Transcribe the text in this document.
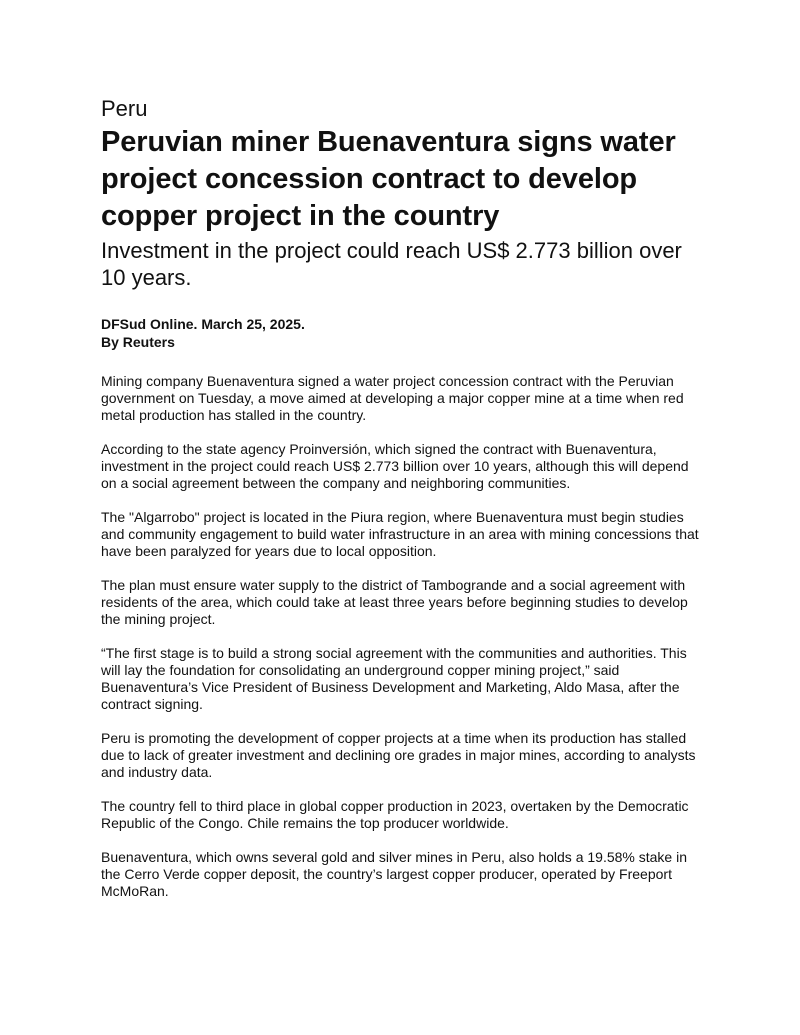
Peru
Peruvian miner Buenaventura signs water project concession contract to develop copper project in the country
Investment in the project could reach US$ 2.773 billion over 10 years.
DFSud Online. March 25, 2025.
By Reuters

Mining company Buenaventura signed a water project concession contract with the Peruvian government on Tuesday, a move aimed at developing a major copper mine at a time when red metal production has stalled in the country.

According to the state agency Proinversión, which signed the contract with Buenaventura, investment in the project could reach US$ 2.773 billion over 10 years, although this will depend on a social agreement between the company and neighboring communities.

The "Algarrobo" project is located in the Piura region, where Buenaventura must begin studies and community engagement to build water infrastructure in an area with mining concessions that have been paralyzed for years due to local opposition.

The plan must ensure water supply to the district of Tambogrande and a social agreement with residents of the area, which could take at least three years before beginning studies to develop the mining project.

“The first stage is to build a strong social agreement with the communities and authorities. This will lay the foundation for consolidating an underground copper mining project,” said Buenaventura’s Vice President of Business Development and Marketing, Aldo Masa, after the contract signing.

Peru is promoting the development of copper projects at a time when its production has stalled due to lack of greater investment and declining ore grades in major mines, according to analysts and industry data.

The country fell to third place in global copper production in 2023, overtaken by the Democratic Republic of the Congo. Chile remains the top producer worldwide.

Buenaventura, which owns several gold and silver mines in Peru, also holds a 19.58% stake in the Cerro Verde copper deposit, the country’s largest copper producer, operated by Freeport McMoRan.
